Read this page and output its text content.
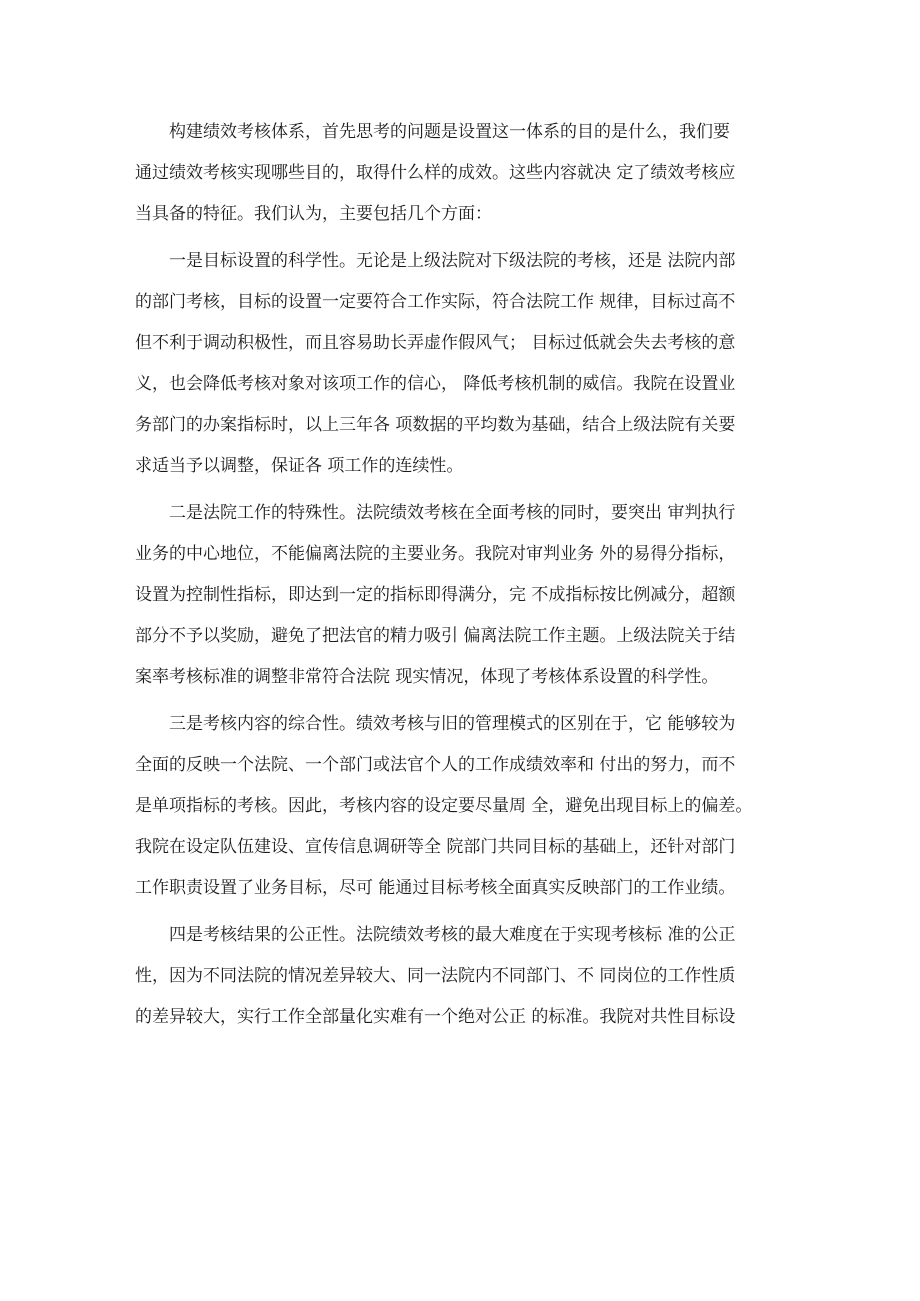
构建绩效考核体系，首先思考的问题是设置这一体系的目的是什么，我们要
通过绩效考核实现哪些目的，取得什么样的成效。这些内容就决 定了绩效考核应
当具备的特征。我们认为，主要包括几个方面：

一是目标设置的科学性。无论是上级法院对下级法院的考核，还是 法院内部
的部门考核，目标的设置一定要符合工作实际，符合法院工作 规律，目标过高不
但不利于调动积极性，而且容易助长弄虚作假风气； 目标过低就会失去考核的意
义，也会降低考核对象对该项工作的信心， 降低考核机制的威信。我院在设置业
务部门的办案指标时，以上三年各 项数据的平均数为基础，结合上级法院有关要
求适当予以调整，保证各 项工作的连续性。

二是法院工作的特殊性。法院绩效考核在全面考核的同时，要突出 审判执行
业务的中心地位，不能偏离法院的主要业务。我院对审判业务 外的易得分指标，
设置为控制性指标，即达到一定的指标即得满分，完 不成指标按比例减分，超额
部分不予以奖励，避免了把法官的精力吸引 偏离法院工作主题。上级法院关于结
案率考核标准的调整非常符合法院 现实情况，体现了考核体系设置的科学性。

三是考核内容的综合性。绩效考核与旧的管理模式的区别在于，它 能够较为
全面的反映一个法院、一个部门或法官个人的工作成绩效率和 付出的努力，而不
是单项指标的考核。因此，考核内容的设定要尽量周 全，避免出现目标上的偏差。
我院在设定队伍建设、宣传信息调研等全 院部门共同目标的基础上，还针对部门
工作职责设置了业务目标，尽可 能通过目标考核全面真实反映部门的工作业绩。

四是考核结果的公正性。法院绩效考核的最大难度在于实现考核标 准的公正
性，因为不同法院的情况差异较大、同一法院内不同部门、不 同岗位的工作性质
的差异较大，实行工作全部量化实难有一个绝对公正 的标准。我院对共性目标设
